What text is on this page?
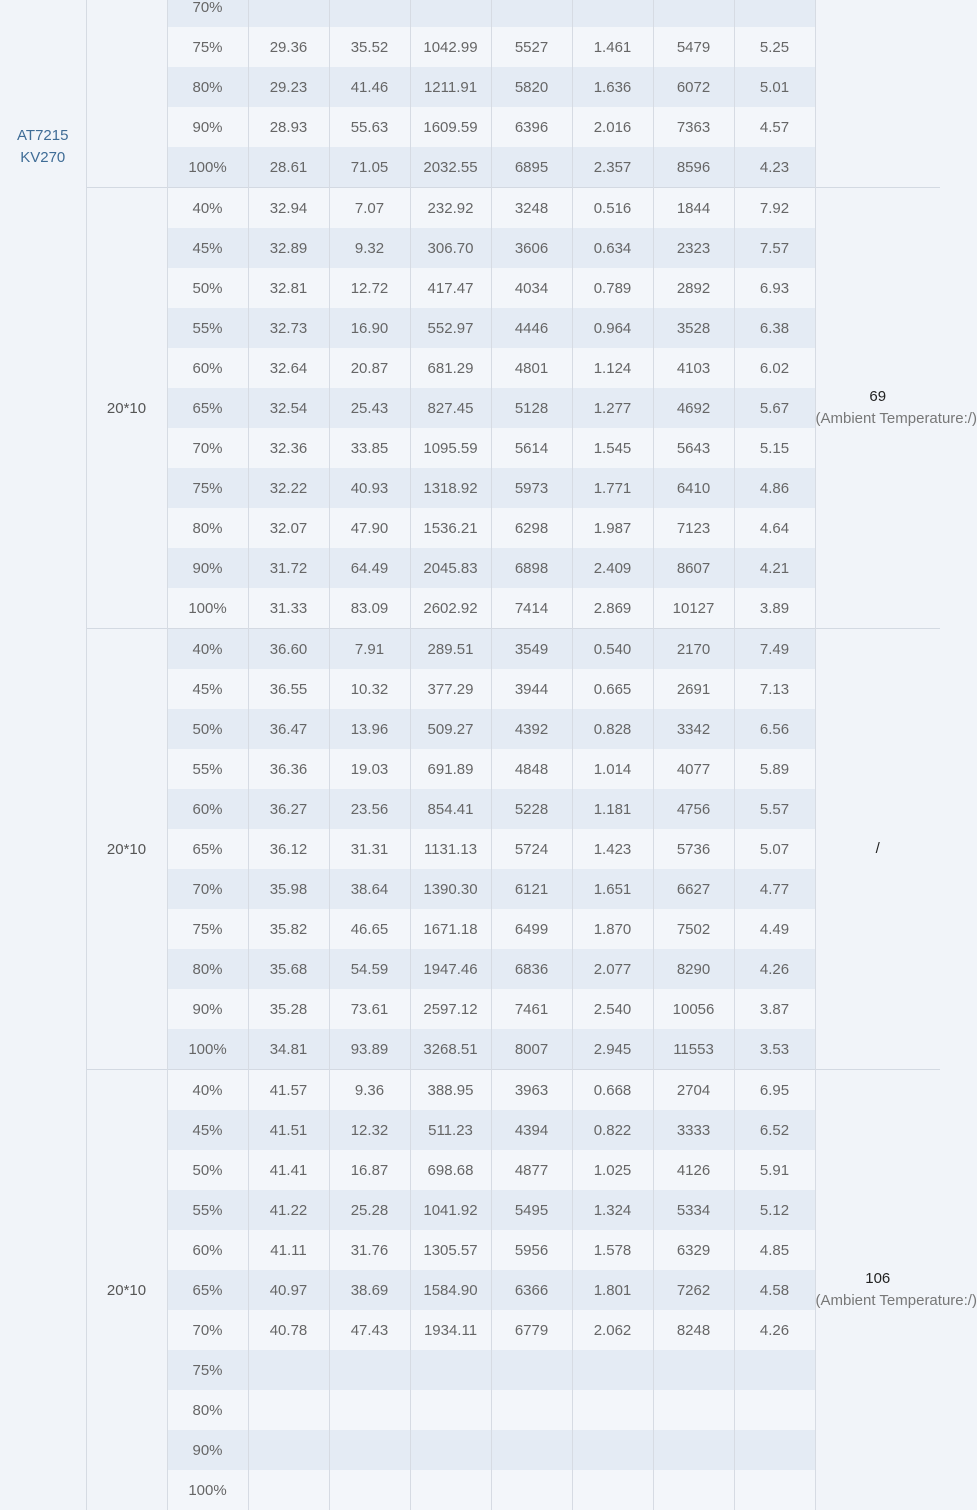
AT7215
KV270		70%								

		75%	29.36	35.52	1042.99	5527	1.461	5479	5.25	
		80%	29.23	41.46	1211.91	5820	1.636	6072	5.01	
		90%	28.93	55.63	1609.59	6396	2.016	7363	4.57	
		100%	28.61	71.05	2032.55	6895	2.357	8596	4.23	
	20*10	40%	32.94	7.07	232.92	3248	0.516	1844	7.92	69
(Ambient Temperature:/)

		45%	32.89	9.32	306.70	3606	0.634	2323	7.57	
		50%	32.81	12.72	417.47	4034	0.789	2892	6.93	
		55%	32.73	16.90	552.97	4446	0.964	3528	6.38	
		60%	32.64	20.87	681.29	4801	1.124	4103	6.02	
		65%	32.54	25.43	827.45	5128	1.277	4692	5.67	
		70%	32.36	33.85	1095.59	5614	1.545	5643	5.15	
		75%	32.22	40.93	1318.92	5973	1.771	6410	4.86	
		80%	32.07	47.90	1536.21	6298	1.987	7123	4.64	
		90%	31.72	64.49	2045.83	6898	2.409	8607	4.21	
		100%	31.33	83.09	2602.92	7414	2.869	10127	3.89	
	20*10	40%	36.60	7.91	289.51	3549	0.540	2170	7.49	/

		45%	36.55	10.32	377.29	3944	0.665	2691	7.13	
		50%	36.47	13.96	509.27	4392	0.828	3342	6.56	
		55%	36.36	19.03	691.89	4848	1.014	4077	5.89	
		60%	36.27	23.56	854.41	5228	1.181	4756	5.57	
		65%	36.12	31.31	1131.13	5724	1.423	5736	5.07	
		70%	35.98	38.64	1390.30	6121	1.651	6627	4.77	
		75%	35.82	46.65	1671.18	6499	1.870	7502	4.49	
		80%	35.68	54.59	1947.46	6836	2.077	8290	4.26	
		90%	35.28	73.61	2597.12	7461	2.540	10056	3.87	
		100%	34.81	93.89	3268.51	8007	2.945	11553	3.53	
	20*10	40%	41.57	9.36	388.95	3963	0.668	2704	6.95	106
(Ambient Temperature:/)

		45%	41.51	12.32	511.23	4394	0.822	3333	6.52	
		50%	41.41	16.87	698.68	4877	1.025	4126	5.91	
		55%	41.22	25.28	1041.92	5495	1.324	5334	5.12	
		60%	41.11	31.76	1305.57	5956	1.578	6329	4.85	
		65%	40.97	38.69	1584.90	6366	1.801	7262	4.58	
		70%	40.78	47.43	1934.11	6779	2.062	8248	4.26	
		75%								
		80%								
		90%								
		100%								
